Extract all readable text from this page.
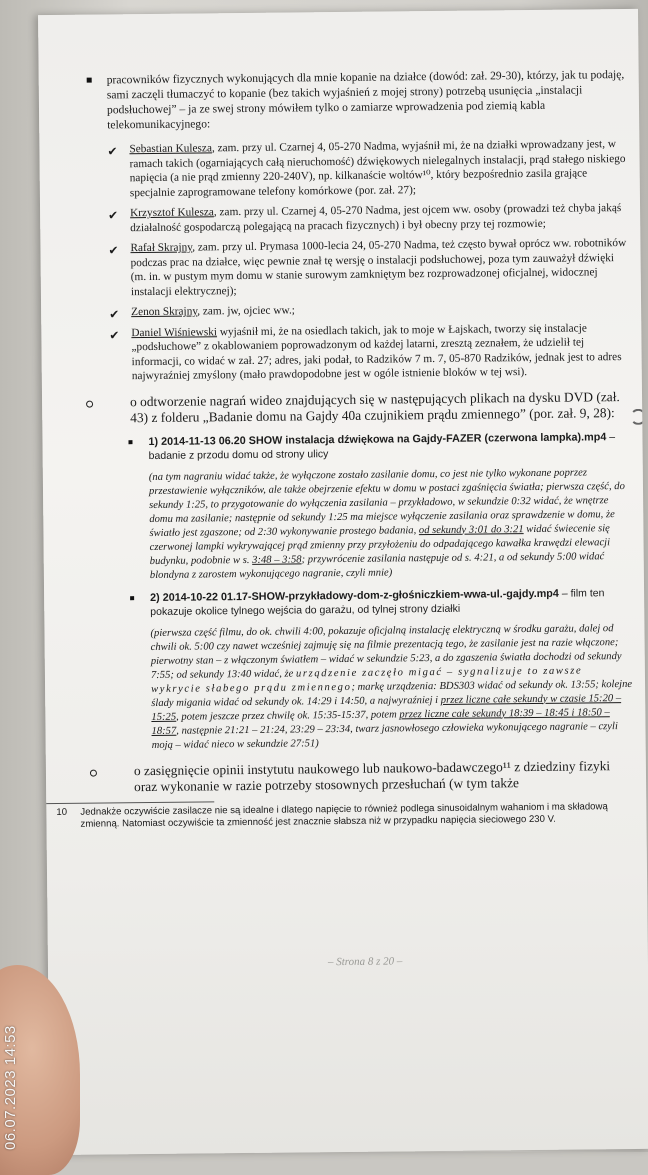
pracowników fizycznych wykonujących dla mnie kopanie na działce (dowód: zał. 29-30), którzy, jak tu podaję, sami zaczęli tłumaczyć to kopanie (bez takich wyjaśnień z mojej strony) potrzebą usunięcia „instalacji podsłuchowej” – ja ze swej strony mówiłem tylko o zamiarze wprowadzenia pod ziemią kabla telekomunikacyjnego:

✔ Sebastian Kulesza, zam. przy ul. Czarnej 4, 05-270 Nadma, wyjaśnił mi, że na działki wprowadzany jest, w ramach takich (ogarniających całą nieruchomość) dźwiękowych nielegalnych instalacji, prąd stałego niskiego napięcia (a nie prąd zmienny 220-240V), np. kilkanaście woltów¹⁰, który bezpośrednio zasila grające specjalnie zaprogramowane telefony komórkowe (por. zał. 27);
✔ Krzysztof Kulesza, zam. przy ul. Czarnej 4, 05-270 Nadma, jest ojcem ww. osoby (prowadzi też chyba jakąś działalność gospodarczą polegającą na pracach fizycznych) i był obecny przy tej rozmowie;
✔ Rafał Skrajny, zam. przy ul. Prymasa 1000-lecia 24, 05-270 Nadma, też często bywał oprócz ww. robotników podczas prac na działce, więc pewnie znał tę wersję o instalacji podsłuchowej, poza tym zauważył dźwięki (m. in. w pustym mym domu w stanie surowym zamkniętym bez rozprowadzonej oficjalnej, widocznej instalacji elektrycznej);
✔ Zenon Skrajny, zam. jw, ojciec ww.;
✔ Daniel Wiśniewski wyjaśnił mi, że na osiedlach takich, jak to moje w Łajskach, tworzy się instalacje „podsłuchowe” z okablowaniem poprowadzonym od każdej latarni, zresztą zeznałem, że udzielił tej informacji, co widać w zał. 27; adres, jaki podał, to Radzików 7 m. 7, 05-870 Radzików, jednak jest to adres najwyraźniej zmyślony (mało prawdopodobne jest w ogóle istnienie bloków w tej wsi).

o odtworzenie nagrań wideo znajdujących się w następujących plikach na dysku DVD (zał. 43) z folderu „Badanie domu na Gajdy 40a czujnikiem prądu zmiennego” (por. zał. 9, 28):

1) 2014-11-13 06.20 SHOW instalacja dźwiękowa na Gajdy-FAZER (czerwona lampka).mp4 – badanie z przodu domu od strony ulicy

(na tym nagraniu widać także, że wyłączone zostało zasilanie domu, co jest nie tylko wykonane poprzez przestawienie wyłączników, ale także obejrzenie efektu w domu w postaci zgaśnięcia światła; pierwsza część, do sekundy 1:25, to przygotowanie do wyłączenia zasilania – przykładowo, w sekundzie 0:32 widać, że wnętrze domu ma zasilanie; następnie od sekundy 1:25 ma miejsce wyłączenie zasilania oraz sprawdzenie w domu, że światło jest zgaszone; od 2:30 wykonywanie prostego badania, od sekundy 3:01 do 3:21 widać świecenie się czerwonej lampki wykrywającej prąd zmienny przy przyłożeniu do odpadającego kawałka krawędzi elewacji budynku, podobnie w s. 3:48 – 3:58; przywrócenie zasilania następuje od s. 4:21, a od sekundy 5:00 widać blondyna z zarostem wykonującego nagranie, czyli mnie)

2) 2014-10-22 01.17-SHOW-przykładowy-dom-z-głośniczkiem-wwa-ul.-gajdy.mp4 – film ten pokazuje okolice tylnego wejścia do garażu, od tylnej strony działki

(pierwsza część filmu, do ok. chwili 4:00, pokazuje oficjalną instalację elektryczną w środku garażu, dalej od chwili ok. 5:00 czy nawet wcześniej zajmuję się na filmie prezentacją tego, że zasilanie jest na razie włączone; pierwotny stan – z włączonym światłem – widać w sekundzie 5:23, a do zgaszenia światła dochodzi od sekundy 7:55; od sekundy 13:40 widać, że urządzenie zaczęło migać – sygnalizuje to zawsze wykrycie słabego prądu zmiennego; markę urządzenia: BDS303 widać od sekundy ok. 13:55; kolejne ślady migania widać od sekundy ok. 14:29 i 14:50, a najwyraźniej i przez liczne całe sekundy w czasie 15:20 – 15:25, potem jeszcze przez chwilę ok. 15:35-15:37, potem przez liczne całe sekundy 18:39 – 18:45 i 18:50 – 18:57, następnie 21:21 – 21:24, 23:29 – 23:34, twarz jasnowłosego człowieka wykonującego nagranie – czyli moją – widać nieco w sekundzie 27:51)

o zasięgnięcie opinii instytutu naukowego lub naukowo-badawczego¹¹ z dziedziny fizyki oraz wykonanie w razie potrzeby stosownych przesłuchań (w tym także

10 Jednakże oczywiście zasilacze nie są idealne i dlatego napięcie to również podlega sinusoidalnym wahaniom i ma składową zmienną. Natomiast oczywiście ta zmienność jest znacznie słabsza niż w przypadku napięcia sieciowego 230 V.
– Strona 8 z 20 –
06.07.2023 14:53
